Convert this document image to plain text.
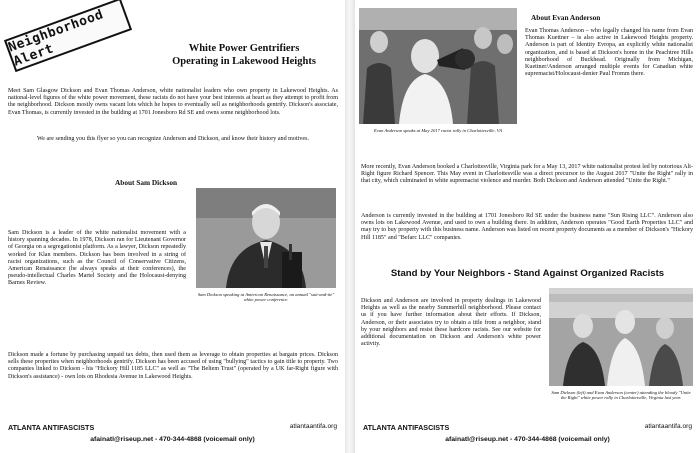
Neighborhood Alert	White Power Gentrifiers
Operating in Lakewood Heights

Meet Sam Glasgow Dickson and Evan Thomas Anderson, white nationalist leaders who own property in Lakewood Heights. As national-level figures of the white power movement, these racists do not have your best interests at heart as they attempt to profit from the neighborhood. Dickson mostly owns vacant lots which he hopes to eventually sell as neighborhoods gentrify. Dickson's associate, Evan Thomas, is currently invested in the building at 1701 Jonesboro Rd SE and owns some neighborhood lots.

We are sending you this flyer so you can recognize Anderson and Dickson, and know their history and motives.

About Sam Dickson

Sam Dickson is a leader of the white nationalist movement with a history spanning decades. In 1978, Dickson ran for Lieutenant Governor of Georgia on a segregationist platform. As a lawyer, Dickson repeatedly worked for Klan members. Dickson has been involved in a string of racist organizations, such as the Council of Conservative Citizens, American Renaissance (he always speaks at their conferences), the pseudo-intellectual Charles Martel Society and the Holocaust-denying Barnes Review.

Sam Dickson speaking at American Renaissance, an annual "suit-and-tie" white power conference.

Dickson made a fortune by purchasing unpaid tax debts, then used them as leverage to obtain properties at bargain prices. Dickson sells these properties when neighborhoods gentrify. Dickson has been accused of using "bullying" tactics to gain title to property. Two companies linked to Dickson - his "Hickory Hill 1185 LLC" as well as "The Beltem Trust" (operated by a UK far-Right figure with Dickson's assistance) - own lots on Rhodesia Avenue in Lakewood Heights.

ATLANTA ANTIFASCISTS	atlantaantifa.org
afainatl@riseup.net - 470-344-4868 (voicemail only)
Evan Anderson speaks at May 2017 racist rally in Charlottesville, VA
About Evan Anderson

Evan Thomas Anderson – who legally changed his name from Evan Thomas Kuettner – is also active in Lakewood Heights property. Anderson is part of Identity Evropa, an explicitly white nationalist organization, and is based at Dickson's home in the Peachtree Hills neighborhood of Buckhead. Originally from Michigan, Kuettner/Anderson arranged multiple events for Canadian white supremacist/Holocaust-denier Paul Fromm there.

More recently, Evan Anderson booked a Charlottesville, Virginia park for a May 13, 2017 white nationalist protest led by notorious Alt-Right figure Richard Spencer. This May event in Charlottesville was a direct precursor to the August 2017 "Unite the Right" rally in that city, which culminated in white supremacist violence and murder. Both Dickson and Anderson attended "Unite the Right."

Anderson is currently invested in the building at 1701 Jonesboro Rd SE under the business name "Sun Rising LLC". Anderson also owns lots on Lakewood Avenue, and used to own a building there. In addition, Anderson operates "Good Earth Properties LLC" and may try to buy property with this business name. Anderson was listed on recent property documents as a member of Dickson's "Hickory Hill 1185" and "Befarc LLC" companies.

Stand by Your Neighbors - Stand Against Organized Racists

Dickson and Anderson are involved in property dealings in Lakewood Heights as well as the nearby Summerhill neighborhood. Please contact us if you have further information about their efforts. If Dickson, Anderson, or their associates try to obtain a title from a neighbor, stand by your neighbors and resist these hardcore racists. See our website for additional documentation on Dickson and Anderson's white power activity.

Sam Dickson (left) and Evan Anderson (center) attending the bloody "Unite the Right" white power rally in Charlottesville, Virginia last year.
ATLANTA ANTIFASCISTS	atlantaantifa.org
afainatl@riseup.net - 470-344-4868 (voicemail only)
